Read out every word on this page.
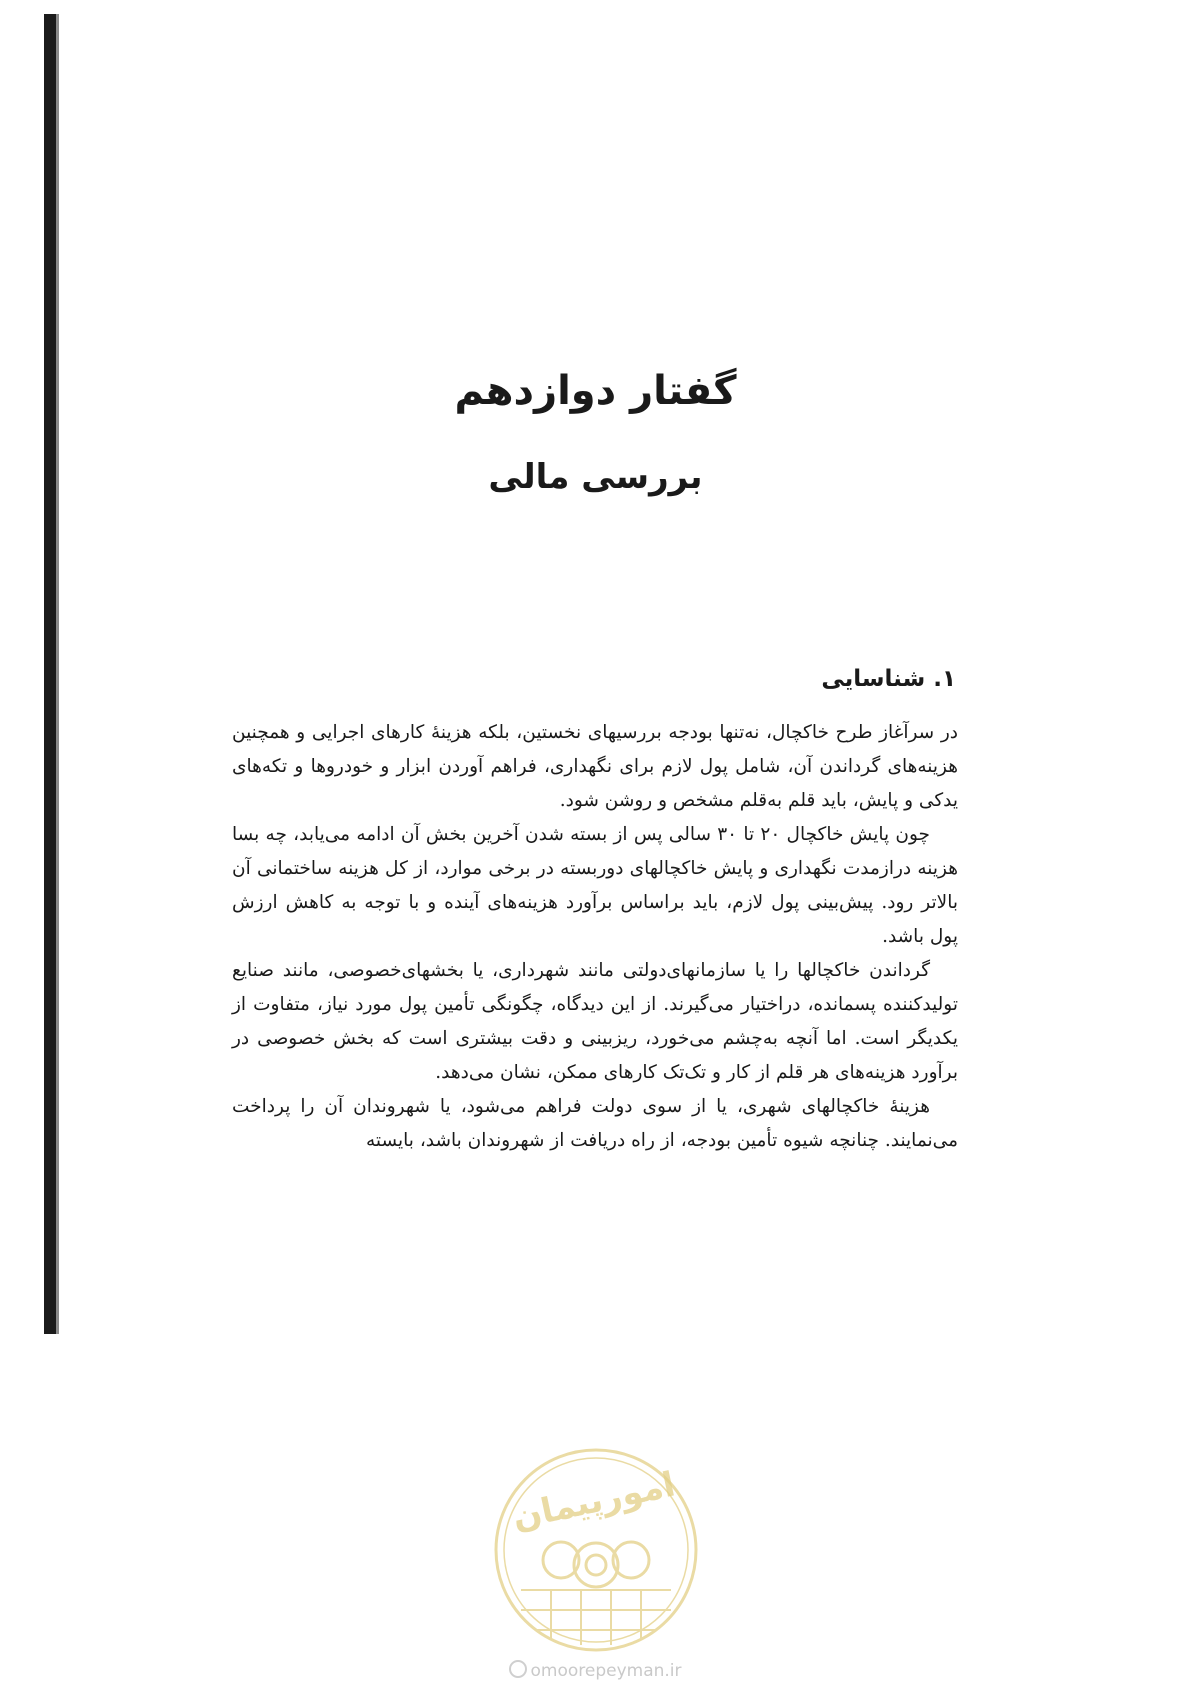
گفتار دوازدهم
بررسی مالی
۱. شناسایی

در سرآغاز طرح خاکچال، نه‌تنها بودجه بررسیهای نخستین، بلکه هزینهٔ کارهای اجرایی و همچنین هزینه‌های گرداندن آن، شامل پول لازم برای نگهداری، فراهم آوردن ابزار و خودروها و تکه‌های یدکی و پایش، باید قلم به‌قلم مشخص و روشن شود.

چون پایش خاکچال ۲۰ تا ۳۰ سالی پس از بسته شدن آخرین بخش آن ادامه می‌یابد، چه بسا هزینه درازمدت نگهداری و پایش خاکچالهای دوربسته در برخی موارد، از کل هزینه ساختمانی آن بالاتر رود. پیش‌بینی پول لازم، باید براساس برآورد هزینه‌های آینده و با توجه به کاهش ارزش پول باشد.

گرداندن خاکچالها را یا سازمانهای‌دولتی مانند شهرداری، یا بخشهای‌خصوصی، مانند صنایع تولیدکننده پسمانده، دراختیار می‌گیرند. از این دیدگاه، چگونگی تأمین پول مورد نیاز، متفاوت از یکدیگر است. اما آنچه به‌چشم می‌خورد، ریزبینی و دقت بیشتری است که بخش خصوصی در برآورد هزینه‌های هر قلم از کار و تک‌تک کارهای ممکن، نشان می‌دهد.

هزینهٔ خاکچالهای شهری، یا از سوی دولت فراهم می‌شود، یا شهروندان آن را پرداخت می‌نمایند. چنانچه شیوه تأمین بودجه، از راه دریافت از شهروندان باشد، بایسته

امورپیمان
omoorepeyman.ir
